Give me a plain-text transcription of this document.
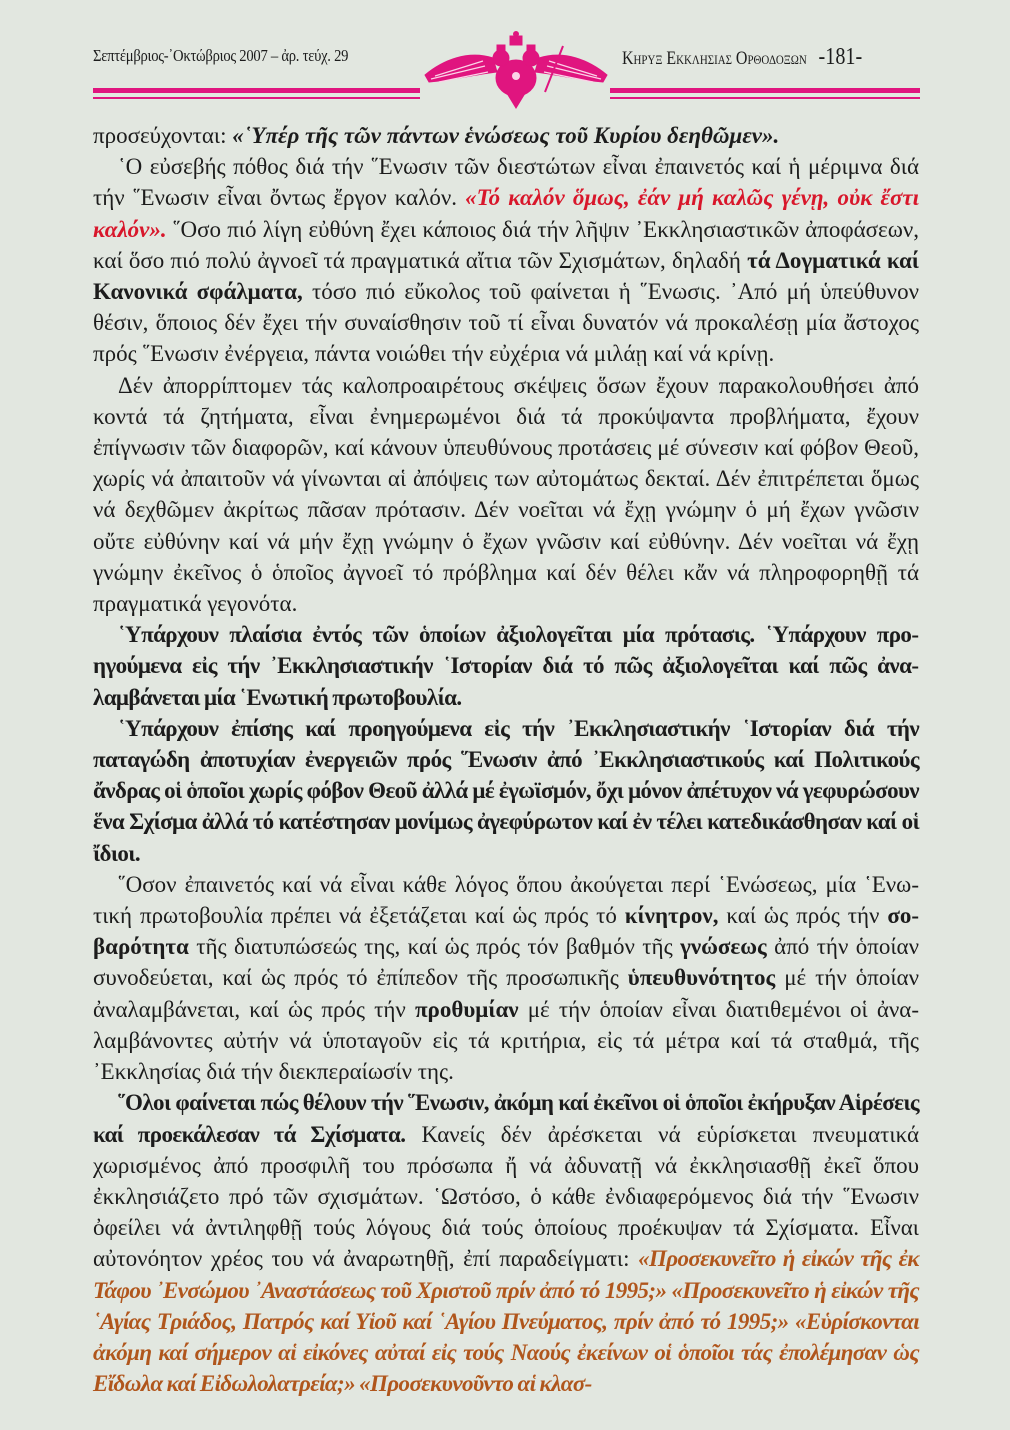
Σεπτέμβριος-᾿Οκτώβριος 2007 – ἀρ. τεύχ. 29	Κηρυξ Εκκλησιας Ορθοδοξων -181-

προσεύχονται: «῾Υπέρ τῆς τῶν πάντων ἑνώσεως τοῦ Κυρίου δεηθῶμεν».

῾Ο εὐσεβής πόθος διά τήν ῞Ενωσιν τῶν διεστώτων εἶναι ἐπαινετός καί ἡ μέριμνα διά τήν ῞Ενωσιν εἶναι ὄντως ἔργον καλόν. «Τό καλόν ὅμως, ἐάν μή καλῶς γένῃ, οὐκ ἔστι καλόν». ῞Οσο πιό λίγη εὐθύνη ἔχει κάποιος διά τήν λῆψιν ᾿Εκκλησιαστικῶν ἀποφάσεων, καί ὅσο πιό πολύ ἀγνοεῖ τά πραγματικά αἴτια τῶν Σχισμάτων, δηλαδή τά Δογματικά καί Κανονικά σφάλματα, τόσο πιό εὔκολος τοῦ φαίνεται ἡ ῞Ενωσις. ᾿Από μή ὑπεύθυνον θέσιν, ὅποιος δέν ἔχει τήν συναίσθησιν τοῦ τί εἶναι δυνατόν νά προκαλέσῃ μία ἄστοχος πρός ῞Ενωσιν ἐνέργεια, πάντα νοιώθει τήν εὐχέρια νά μιλάῃ καί νά κρίνῃ.

Δέν ἀπορρίπτομεν τάς καλοπροαιρέτους σκέψεις ὅσων ἔχουν παρακολουθήσει ἀπό κοντά τά ζητήματα, εἶναι ἐνημερωμένοι διά τά προκύψαντα προβλήματα, ἔχουν ἐπίγνωσιν τῶν διαφορῶν, καί κάνουν ὑπευθύνους προτάσεις μέ σύνεσιν καί φόβον Θεοῦ, χωρίς νά ἀπαιτοῦν νά γίνωνται αἱ ἀπόψεις των αὐτομάτως δεκταί. Δέν ἐπιτρέπεται ὅμως νά δεχθῶμεν ἀκρίτως πᾶσαν πρότασιν. Δέν νοεῖται νά ἔχῃ γνώμην ὁ μή ἔχων γνῶσιν οὔτε εὐθύνην καί νά μήν ἔχῃ γνώμην ὁ ἔχων γνῶσιν καί εὐθύνην. Δέν νοεῖται νά ἔχῃ γνώμην ἐκεῖνος ὁ ὁποῖος ἀγνοεῖ τό πρόβλημα καί δέν θέλει κἄν νά πληροφορηθῇ τά πραγματικά γεγονότα.

῾Υπάρχουν πλαίσια ἐντός τῶν ὁποίων ἀξιολογεῖται μία πρότασις. ῾Υπάρχουν προηγούμενα εἰς τήν ᾿Εκκλησιαστικήν ῾Ιστορίαν διά τό πῶς ἀξιολογεῖται καί πῶς ἀναλαμβάνεται μία ῾Ενωτική πρωτοβουλία.

῾Υπάρχουν ἐπίσης καί προηγούμενα εἰς τήν ᾿Εκκλησιαστικήν ῾Ιστορίαν διά τήν παταγώδη ἀποτυχίαν ἐνεργειῶν πρός ῞Ενωσιν ἀπό ᾿Εκκλησιαστικούς καί Πολιτικούς ἄνδρας οἱ ὁποῖοι χωρίς φόβον Θεοῦ ἀλλά μέ ἐγωϊσμόν, ὄχι μόνον ἀπέτυχον νά γεφυρώσουν ἕνα Σχίσμα ἀλλά τό κατέστησαν μονίμως ἀγεφύρωτον καί ἐν τέλει κατεδικάσθησαν καί οἱ ἴδιοι.

῞Οσον ἐπαινετός καί νά εἶναι κάθε λόγος ὅπου ἀκούγεται περί ῾Ενώσεως, μία ῾Ενωτική πρωτοβουλία πρέπει νά ἐξετάζεται καί ὡς πρός τό κίνητρον, καί ὡς πρός τήν σοβαρότητα τῆς διατυπώσεώς της, καί ὡς πρός τόν βαθμόν τῆς γνώσεως ἀπό τήν ὁποίαν συνοδεύεται, καί ὡς πρός τό ἐπίπεδον τῆς προσωπικῆς ὑπευθυνότητος μέ τήν ὁποίαν ἀναλαμβάνεται, καί ὡς πρός τήν προθυμίαν μέ τήν ὁποίαν εἶναι διατιθεμένοι οἱ ἀναλαμβάνοντες αὐτήν νά ὑποταγοῦν εἰς τά κριτήρια, εἰς τά μέτρα καί τά σταθμά, τῆς ᾿Εκκλησίας διά τήν διεκπεραίωσίν της.

῞Ολοι φαίνεται πώς θέλουν τήν ῞Ενωσιν, ἀκόμη καί ἐκεῖνοι οἱ ὁποῖοι ἐκήρυξαν Αἱρέσεις καί προεκάλεσαν τά Σχίσματα. Κανείς δέν ἀρέσκεται νά εὑρίσκεται πνευματικά χωρισμένος ἀπό προσφιλῆ του πρόσωπα ἤ νά ἀδυνατῇ νά ἐκκλησιασθῇ ἐκεῖ ὅπου ἐκκλησιάζετο πρό τῶν σχισμάτων. ῾Ωστόσο, ὁ κάθε ἐνδιαφερόμενος διά τήν ῞Ενωσιν ὀφείλει νά ἀντιληφθῇ τούς λόγους διά τούς ὁποίους προέκυψαν τά Σχίσματα. Εἶναι αὐτονόητον χρέος του νά ἀναρωτηθῇ, ἐπί παραδείγματι: «Προσεκυνεῖτο ἡ εἰκών τῆς ἐκ Τάφου ᾿Ενσώμου ᾿Αναστάσεως τοῦ Χριστοῦ πρίν ἀπό τό 1995;» «Προσεκυνεῖτο ἡ εἰκών τῆς ῾Αγίας Τριάδος, Πατρός καί Υἱοῦ καί ῾Αγίου Πνεύματος, πρίν ἀπό τό 1995;» «Εὑρίσκονται ἀκόμη καί σήμερον αἱ εἰκόνες αὐταί εἰς τούς Ναούς ἐκείνων οἱ ὁποῖοι τάς ἐπολέμησαν ὡς Εἴδωλα καί Εἰδωλολατρεία;» «Προσεκυνοῦντο αἱ κλασ-
